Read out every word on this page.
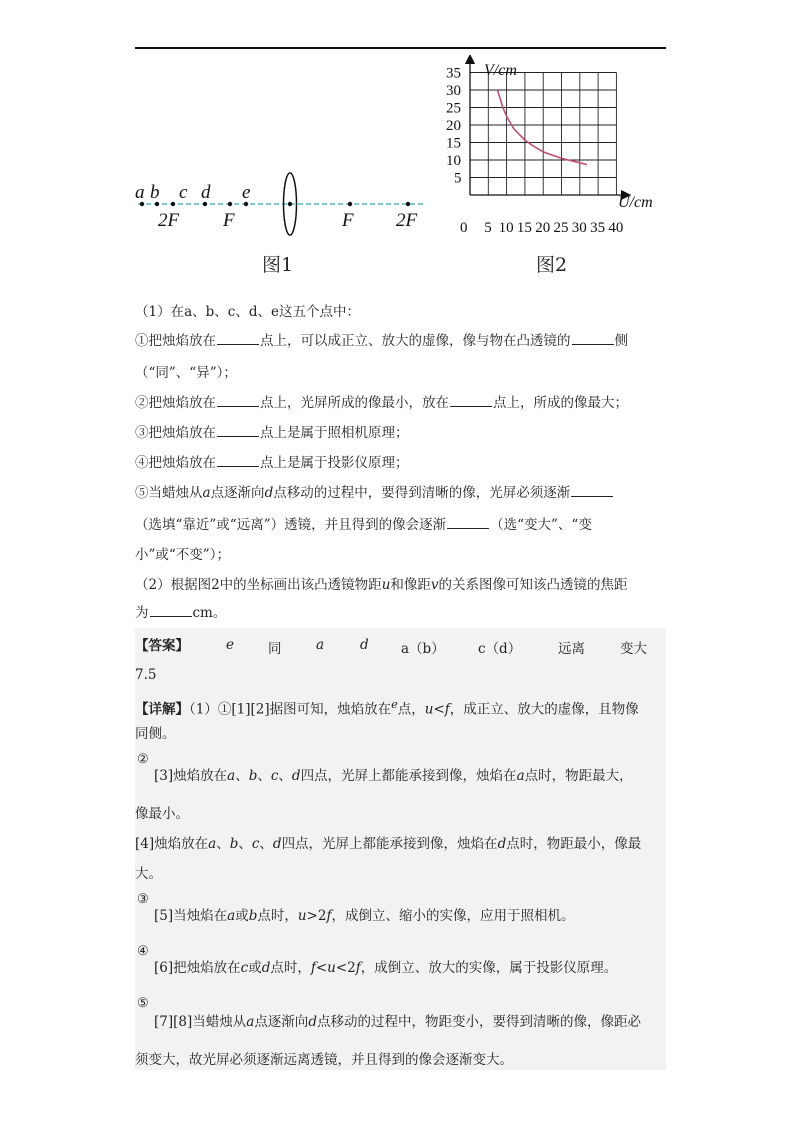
a b c d e
2F F	F 2F
图1
0 5 10 15 20 25 30 35 40
5
10
15
20
25
30
35 V/cm
U/cm
图2
（1）在a、b、c、d、e这五个点中：
①把烛焰放在	点上，可以成正立、放大的虚像，像与物在凸透镜的	侧
（“同”、“异”）；
②把烛焰放在	点上，光屏所成的像最小，放在	点上，所成的像最大；
③把烛焰放在	点上是属于照相机原理；
④把烛焰放在	点上是属于投影仪原理；
⑤当蜡烛从a点逐渐向d点移动的过程中，要得到清晰的像，光屏必须逐渐
（选填“靠近”或“远离”）透镜，并且得到的像会逐渐	（选“变大”、“变
小”或“不变”）；
（2）根据图2中的坐标画出该凸透镜物距u和像距v的关系图像可知该凸透镜的焦距
为	cm。
【答案】	e	同	a	d a（b） c（d）	远离	变大
7.5
【详解】（1）①[1][2]据图可知，烛焰放在$^e$点，u<f，成正立、放大的虚像，且物像
同侧。
②
[3]烛焰放在a、b、c、d四点，光屏上都能承接到像，烛焰在a点时，物距最大，
像最小。
[4]烛焰放在a、b、c、d四点，光屏上都能承接到像，烛焰在d点时，物距最小，像最
大。
③
[5]当烛焰在a或b点时，u>2f，成倒立、缩小的实像，应用于照相机。
④
[6]把烛焰放在c或d点时，f<u<2f，成倒立、放大的实像，属于投影仪原理。
⑤
[7][8]当蜡烛从a点逐渐向d点移动的过程中，物距变小，要得到清晰的像，像距必
须变大，故光屏必须逐渐远离透镜，并且得到的像会逐渐变大。
